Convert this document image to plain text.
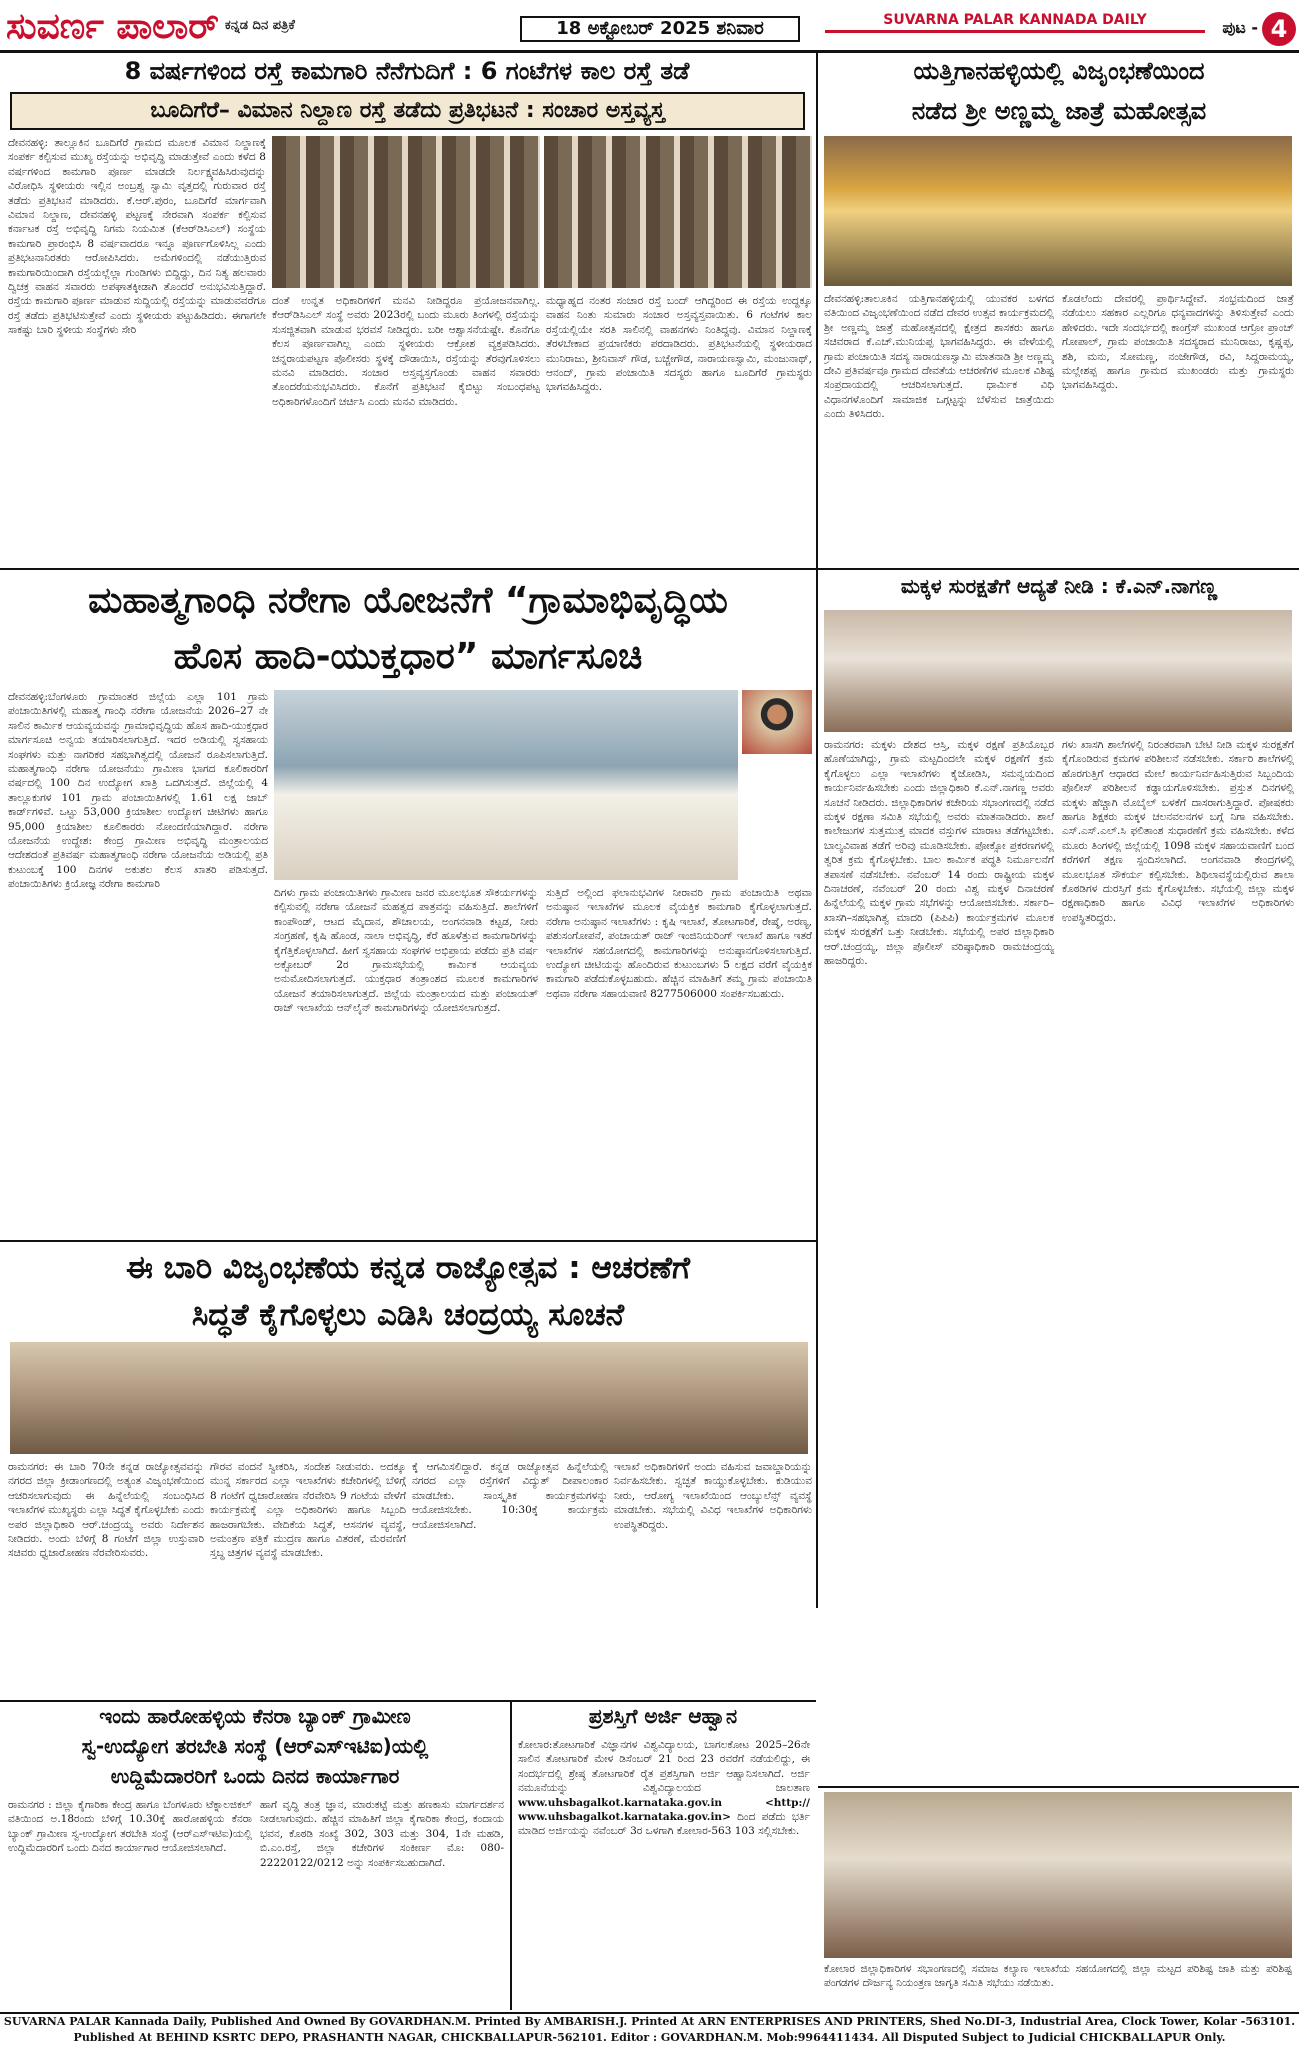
ಸುವರ್ಣ ಪಾಲಾರ್ $^{ಕನ್ನಡ ದಿನ ಪತ್ರಿಕೆ}$	18 ಅಕ್ಟೋಬರ್ 2025 ಶನಿವಾರ	SUVARNA PALAR KANNADA DAILY	ಪುಟ - 4
8 ವರ್ಷಗಳಿಂದ ರಸ್ತೆ ಕಾಮಗಾರಿ ನೆನೆಗುದಿಗೆ : 6 ಗಂಟೆಗಳ ಕಾಲ ರಸ್ತೆ ತಡೆ
ಬೂದಿಗೆರೆ– ವಿಮಾನ ನಿಲ್ದಾಣ ರಸ್ತೆ ತಡೆದು ಪ್ರತಿಭಟನೆ : ಸಂಚಾರ ಅಸ್ತವ್ಯಸ್ತ
ದೇವನಹಳ್ಳಿ: ತಾಲ್ಲೂಕಿನ ಬೂದಿಗೆರೆ ಗ್ರಾಮದ ಮೂಲಕ ವಿಮಾನ ನಿಲ್ದಾಣಕ್ಕೆ ಸಂಪರ್ಕ ಕಲ್ಪಿಸುವ ಮುಖ್ಯ ರಸ್ತೆಯನ್ನು ಅಭಿವೃದ್ಧಿ ಮಾಡುತ್ತೇವೆ ಎಂದು ಕಳೆದ 8 ವರ್ಷಗಳಿಂದ ಕಾಮಗಾರಿ ಪೂರ್ಣ ಮಾಡದೇ ನಿರ್ಲಕ್ಷ್ಯವಹಿಸಿರುವುದನ್ನು ವಿರೋಧಿಸಿ ಸ್ಥಳೀಯರು ಇಲ್ಲಿನ ಅಂಬ್ರಶ್ವ ಸ್ವಾಮಿ ವೃತ್ತದಲ್ಲಿ ಗುರುವಾರ ರಸ್ತೆ ತಡೆದು ಪ್ರತಿಭಟನೆ ಮಾಡಿದರು. ಕೆ.ಆರ್.ಪುರಂ, ಬೂದಿಗೆರೆ ಮಾರ್ಗವಾಗಿ ವಿಮಾನ ನಿಲ್ದಾಣ, ದೇವನಹಳ್ಳಿ ಪಟ್ಟಣಕ್ಕೆ ನೇರವಾಗಿ ಸಂಪರ್ಕ ಕಲ್ಪಿಸುವ ಕರ್ನಾಟಕ ರಸ್ತೆ ಅಭಿವೃದ್ಧಿ ನಿಗಮ ನಿಯಮಿತ (ಕೆಆರ್‌ಡಿಸಿಎಲ್) ಸಂಸ್ಥೆಯ ಕಾಮಗಾರಿ ಪ್ರಾರಂಭಿಸಿ 8 ವರ್ಷವಾದರೂ ಇನ್ನೂ ಪೂರ್ಣಗೊಳಿಸಿಲ್ಲ ಎಂದು ಪ್ರತಿಭಟನಾನಿರತರು ಆರೋಪಿಸಿದರು. ಅಮೆಗಳಿಂದಲ್ಲಿ ನಡೆಯುತ್ತಿರುವ ಕಾಮಗಾರಿಯಿಂದಾಗಿ ರಸ್ತೆಯಲ್ಲೆಲ್ಲಾ ಗುಂಡಿಗಳು ಬಿದ್ದಿದ್ದು, ದಿನ ನಿತ್ಯ ಹಲವಾರು ದ್ವಿಚಕ್ರ ವಾಹನ ಸವಾರರು ಅಪಘಾತಕ್ಕೀಡಾಗಿ ತೊಂದರೆ ಅನುಭವಿಸುತ್ತಿದ್ದಾರೆ. ರಸ್ತೆಯ ಕಾಮಗಾರಿ ಪೂರ್ಣ ಮಾಡುವ ಸುದ್ದಿಯಲ್ಲಿ ರಸ್ತೆಯನ್ನು ಮಾಡುವವರೆಗೂ ರಸ್ತೆ ತಡೆದು ಪ್ರತಿಭಟಿಸುತ್ತೇವೆ ಎಂದು ಸ್ಥಳೀಯರು ಪಟ್ಟುಹಿಡಿದರು. ಈಗಾಗಲೇ ಸಾಕಷ್ಟು ಬಾರಿ ಸ್ಥಳೀಯ ಸಂಸ್ಥೆಗಳು ಸೇರಿ
ದಂತೆ ಉನ್ನತ ಅಧಿಕಾರಿಗಳಿಗೆ ಮನವಿ ನೀಡಿದ್ದರೂ ಪ್ರಯೋಜನವಾಗಿಲ್ಲ. ಕೆಆರ್‌ಡಿಸಿಎಲ್ ಸಂಸ್ಥೆ ಅವರು 2023ರಲ್ಲಿ ಬಂದು ಮೂರು ತಿಂಗಳಲ್ಲಿ ರಸ್ತೆಯನ್ನು ಸುಸಜ್ಜಿತವಾಗಿ ಮಾಡುವ ಭರವಸೆ ನೀಡಿದ್ದರು. ಬರೀ ಆಶ್ವಾಸನೆಯಷ್ಟೇ. ಕೊನೆಗೂ ಕೆಲಸ ಪೂರ್ಣವಾಗಿಲ್ಲ ಎಂದು ಸ್ಥಳೀಯರು ಆಕ್ರೋಶ ವ್ಯಕ್ತಪಡಿಸಿದರು. ಚನ್ನರಾಯಪಟ್ಟಣ ಪೊಲೀಸರು ಸ್ಥಳಕ್ಕೆ ದೌಡಾಯಿಸಿ, ರಸ್ತೆಯನ್ನು ತೆರವುಗೊಳಿಸಲು ಮನವಿ ಮಾಡಿದರು. ಸಂಚಾರ ಅಸ್ತವ್ಯಸ್ತಗೊಂಡು ವಾಹನ ಸವಾರರು ತೊಂದರೆಯನುಭವಿಸಿದರು. ಕೊನೆಗೆ ಪ್ರತಿಭಟನೆ ಕೈಬಿಟ್ಟು ಸಂಬಂಧಪಟ್ಟ ಅಧಿಕಾರಿಗಳೊಂದಿಗೆ ಚರ್ಚಿಸಿ ಎಂದು ಮನವಿ ಮಾಡಿದರು.
ಮಧ್ಯಾಹ್ನದ ನಂತರ ಸಂಚಾರ ರಸ್ತೆ ಬಂದ್ ಆಗಿದ್ದರಿಂದ ಈ ರಸ್ತೆಯ ಉದ್ದಕ್ಕೂ ವಾಹನ ನಿಂತು ಸುಮಾರು ಸಂಚಾರ ಅಸ್ತವ್ಯಸ್ತವಾಯಿತು. 6 ಗಂಟೆಗಳ ಕಾಲ ರಸ್ತೆಯಲ್ಲಿಯೇ ಸರತಿ ಸಾಲಿನಲ್ಲಿ ವಾಹನಗಳು ನಿಂತಿದ್ದವು. ವಿಮಾನ ನಿಲ್ದಾಣಕ್ಕೆ ತೆರಳಬೇಕಾದ ಪ್ರಯಾಣಿಕರು ಪರದಾಡಿದರು. ಪ್ರತಿಭಟನೆಯಲ್ಲಿ ಸ್ಥಳೀಯರಾದ ಮುನಿರಾಜು, ಶ್ರೀನಿವಾಸ್ ಗೌಡ, ಬಚ್ಚೇಗೌಡ, ನಾರಾಯಣಸ್ವಾಮಿ, ಮಂಜುನಾಥ್, ಆನಂದ್, ಗ್ರಾಮ ಪಂಚಾಯಿತಿ ಸದಸ್ಯರು ಹಾಗೂ ಬೂದಿಗೆರೆ ಗ್ರಾಮಸ್ಥರು ಭಾಗವಹಿಸಿದ್ದರು.
ಯತ್ತಿಗಾನಹಳ್ಳಿಯಲ್ಲಿ ವಿಜೃಂಭಣೆಯಿಂದ
ನಡೆದ ಶ್ರೀ ಅಣ್ಣಮ್ಮ ಜಾತ್ರೆ ಮಹೋತ್ಸವ
ದೇವನಹಳ್ಳಿ:ತಾಲೂಕಿನ ಯತ್ತಿಗಾನಹಳ್ಳಿಯಲ್ಲಿ ಯುವಕರ ಬಳಗದ ವತಿಯಿಂದ ವಿಜೃಂಭಣೆಯಿಂದ ನಡೆದ ದೇವರ ಉತ್ಸವ ಕಾರ್ಯಕ್ರಮದಲ್ಲಿ ಶ್ರೀ ಅಣ್ಣಮ್ಮ ಜಾತ್ರೆ ಮಹೋತ್ಸವದಲ್ಲಿ ಕ್ಷೇತ್ರದ ಶಾಸಕರು ಹಾಗೂ ಸಚಿವರಾದ ಕೆ.ಎಚ್.ಮುನಿಯಪ್ಪ ಭಾಗವಹಿಸಿದ್ದರು. ಈ ವೇಳೆಯಲ್ಲಿ ಗ್ರಾಮ ಪಂಚಾಯಿತಿ ಸದಸ್ಯ ನಾರಾಯಣಸ್ವಾಮಿ ಮಾತನಾಡಿ ಶ್ರೀ ಅಣ್ಣಮ್ಮ ದೇವಿ ಪ್ರತಿವರ್ಷವೂ ಗ್ರಾಮದ ದೇವತೆಯ ಆಚರಣೆಗಳ ಮೂಲಕ ವಿಶಿಷ್ಟ ಸಂಪ್ರದಾಯದಲ್ಲಿ ಆಚರಿಸಲಾಗುತ್ತದೆ. ಧಾರ್ಮಿಕ ವಿಧಿ ವಿಧಾನಗಳೊಂದಿಗೆ ಸಾಮಾಜಿಕ ಒಗ್ಗಟ್ಟನ್ನು ಬೆಳೆಸುವ ಜಾತ್ರೆಯಿದು ಎಂದು ತಿಳಿಸಿದರು.
ಕೊಡಲೆಂದು ದೇವರಲ್ಲಿ ಪ್ರಾರ್ಥಿಸಿದ್ದೇವೆ. ಸಂಭ್ರಮದಿಂದ ಜಾತ್ರೆ ನಡೆಯಲು ಸಹಕಾರ ಎಲ್ಲರಿಗೂ ಧನ್ಯವಾದಗಳನ್ನು ತಿಳಿಸುತ್ತೇವೆ ಎಂದು ಹೇಳಿದರು. ಇದೇ ಸಂದರ್ಭದಲ್ಲಿ ಕಾಂಗ್ರೆಸ್ ಮುಖಂಡ ಆಗ್ರೋ ಪ್ರಾಂಚ್ ಗೋಪಾಲ್, ಗ್ರಾಮ ಪಂಚಾಯಿತಿ ಸದಸ್ಯರಾದ ಮುನಿರಾಜು, ಕೃಷ್ಣಪ್ಪ, ಶಶಿ, ಮನು, ಸೋಮಣ್ಣ, ನಂಜೇಗೌಡ, ರವಿ, ಸಿದ್ದರಾಮಯ್ಯ, ಮಲ್ಲೇಶಪ್ಪ ಹಾಗೂ ಗ್ರಾಮದ ಮುಖಂಡರು ಮತ್ತು ಗ್ರಾಮಸ್ಥರು ಭಾಗವಹಿಸಿದ್ದರು.
ಮಹಾತ್ಮಗಾಂಧಿ ನರೇಗಾ ಯೋಜನೆಗೆ “ಗ್ರಾಮಾಭಿವೃದ್ಧಿಯ
ಹೊಸ ಹಾದಿ-ಯುಕ್ತಧಾರ” ಮಾರ್ಗಸೂಚಿ
ದೇವನಹಳ್ಳಿ:ಬೆಂಗಳೂರು ಗ್ರಾಮಾಂತರ ಜಿಲ್ಲೆಯ ಎಲ್ಲಾ 101 ಗ್ರಾಮ ಪಂಚಾಯಿತಿಗಳಲ್ಲಿ ಮಹಾತ್ಮ ಗಾಂಧಿ ನರೇಗಾ ಯೋಜನೆಯ 2026–27 ನೇ ಸಾಲಿನ ಕಾರ್ಮಿಕ ಆಯವ್ಯಯವನ್ನು ಗ್ರಾಮಾಭಿವೃದ್ಧಿಯ ಹೊಸ ಹಾದಿ-ಯುಕ್ತಧಾರ ಮಾರ್ಗಸೂಚಿ ಅನ್ವಯ ತಯಾರಿಸಲಾಗುತ್ತಿದೆ. ಇದರ ಅಡಿಯಲ್ಲಿ ಸ್ವಸಹಾಯ ಸಂಘಗಳು ಮತ್ತು ನಾಗರಿಕರ ಸಹಭಾಗಿತ್ವದಲ್ಲಿ ಯೋಜನೆ ರೂಪಿಸಲಾಗುತ್ತಿದೆ. ಮಹಾತ್ಮಗಾಂಧಿ ನರೇಗಾ ಯೋಜನೆಯು ಗ್ರಾಮೀಣ ಭಾಗದ ಕೂಲಿಕಾರರಿಗೆ ವರ್ಷದಲ್ಲಿ 100 ದಿನ ಉದ್ಯೋಗ ಖಾತ್ರಿ ಒದಗಿಸುತ್ತದೆ. ಜಿಲ್ಲೆಯಲ್ಲಿ 4 ತಾಲ್ಲೂಕುಗಳ 101 ಗ್ರಾಮ ಪಂಚಾಯಿತಿಗಳಲ್ಲಿ 1.61 ಲಕ್ಷ ಜಾಬ್ ಕಾರ್ಡ್‌ಗಳಿವೆ. ಒಟ್ಟು 53,000 ಕ್ರಿಯಾಶೀಲ ಉದ್ಯೋಗ ಚೀಟಿಗಳು ಹಾಗೂ 95,000 ಕ್ರಿಯಾಶೀಲ ಕೂಲಿಕಾರರು ನೋಂದಣಿಯಾಗಿದ್ದಾರೆ. ನರೇಗಾ ಯೋಜನೆಯ ಉದ್ದೇಶ: ಕೇಂದ್ರ ಗ್ರಾಮೀಣ ಅಭಿವೃದ್ಧಿ ಮಂತ್ರಾಲಯದ ಆದೇಶದಂತೆ ಪ್ರತಿವರ್ಷ ಮಹಾತ್ಮಗಾಂಧಿ ನರೇಗಾ ಯೋಜನೆಯ ಅಡಿಯಲ್ಲಿ ಪ್ರತಿ ಕುಟುಂಬಕ್ಕೆ 100 ದಿನಗಳ ಅಕುಶಲ ಕೆಲಸ ಖಾತರಿ ಪಡಿಸುತ್ತದೆ. ಪಂಚಾಯಿತಿಗಳು ಕ್ರಿಯೋಜ್ಞ ನರೇಗಾ ಕಾಮಗಾರಿ
ದಿಗಳು ಗ್ರಾಮ ಪಂಚಾಯಿತಿಗಳು ಗ್ರಾಮೀಣ ಜನರ ಮೂಲಭೂತ ಸೌಕರ್ಯಗಳನ್ನು ಕಲ್ಪಿಸುವಲ್ಲಿ ನರೇಗಾ ಯೋಜನೆ ಮಹತ್ವದ ಪಾತ್ರವನ್ನು ವಹಿಸುತ್ತಿದೆ. ಶಾಲೆಗಳಿಗೆ ಕಾಂಪೌಂಡ್, ಆಟದ ಮೈದಾನ, ಶೌಚಾಲಯ, ಅಂಗನವಾಡಿ ಕಟ್ಟಡ, ನೀರು ಸಂಗ್ರಹಣೆ, ಕೃಷಿ ಹೊಂಡ, ನಾಲಾ ಅಭಿವೃದ್ಧಿ, ಕೆರೆ ಹೂಳೆತ್ತುವ ಕಾಮಗಾರಿಗಳನ್ನು ಕೈಗೆತ್ತಿಕೊಳ್ಳಲಾಗಿದೆ. ಹೀಗೆ ಸ್ವಸಹಾಯ ಸಂಘಗಳ ಅಭಿಪ್ರಾಯ ಪಡೆದು ಪ್ರತಿ ವರ್ಷ ಅಕ್ಟೋಬರ್ 2ರ ಗ್ರಾಮಸಭೆಯಲ್ಲಿ ಕಾರ್ಮಿಕ ಆಯವ್ಯಯ ಅನುಮೋದಿಸಲಾಗುತ್ತದೆ. ಯುಕ್ತಧಾರ ತಂತ್ರಾಂಶದ ಮೂಲಕ ಕಾಮಗಾರಿಗಳ ಯೋಜನೆ ತಯಾರಿಸಲಾಗುತ್ತದೆ. ಜಿಲ್ಲೆಯ ಮಂತ್ರಾಲಯದ ಮತ್ತು ಪಂಚಾಯತ್ ರಾಜ್ ಇಲಾಖೆಯ ಆನ್‌ಲೈನ್ ಕಾಮಗಾರಿಗಳನ್ನು ಯೋಜಿಸಲಾಗುತ್ತದೆ.
ಸುತ್ತಿದೆ ಅಲ್ಲಿಂದ ಫಲಾನುಭವಿಗಳ ನೀರಾವರಿ ಗ್ರಾಮ ಪಂಚಾಯಿತಿ ಅಥವಾ ಅನುಷ್ಠಾನ ಇಲಾಖೆಗಳ ಮೂಲಕ ವೈಯಕ್ತಿಕ ಕಾಮಗಾರಿ ಕೈಗೊಳ್ಳಲಾಗುತ್ತದೆ. ನರೇಗಾ ಅನುಷ್ಠಾನ ಇಲಾಖೆಗಳು : ಕೃಷಿ ಇಲಾಖೆ, ತೋಟಗಾರಿಕೆ, ರೇಷ್ಮೆ, ಅರಣ್ಯ, ಪಶುಸಂಗೋಪನೆ, ಪಂಚಾಯತ್ ರಾಜ್ ಇಂಜಿನಿಯರಿಂಗ್ ಇಲಾಖೆ ಹಾಗೂ ಇತರೆ ಇಲಾಖೆಗಳ ಸಹಯೋಗದಲ್ಲಿ ಕಾಮಗಾರಿಗಳನ್ನು ಅನುಷ್ಠಾನಗೊಳಿಸಲಾಗುತ್ತಿದೆ. ಉದ್ಯೋಗ ಚೀಟಿಯನ್ನು ಹೊಂದಿರುವ ಕುಟುಂಬಗಳು 5 ಲಕ್ಷದ ವರೆಗೆ ವೈಯಕ್ತಿಕ ಕಾಮಗಾರಿ ಪಡೆದುಕೊಳ್ಳಬಹುದು. ಹೆಚ್ಚಿನ ಮಾಹಿತಿಗೆ ತಮ್ಮ ಗ್ರಾಮ ಪಂಚಾಯಿತಿ ಅಥವಾ ನರೇಗಾ ಸಹಾಯವಾಣಿ 8277506000 ಸಂಪರ್ಕಿಸಬಹುದು.
ಮಕ್ಕಳ ಸುರಕ್ಷತೆಗೆ ಆದ್ಯತೆ ನೀಡಿ : ಕೆ.ಎನ್.ನಾಗಣ್ಣ
ರಾಮನಗರ: ಮಕ್ಕಳು ದೇಶದ ಆಸ್ತಿ, ಮಕ್ಕಳ ರಕ್ಷಣೆ ಪ್ರತಿಯೊಬ್ಬರ ಹೊಣೆಯಾಗಿದ್ದು, ಗ್ರಾಮ ಮಟ್ಟದಿಂದಲೇ ಮಕ್ಕಳ ರಕ್ಷಣೆಗೆ ಕ್ರಮ ಕೈಗೊಳ್ಳಲು ಎಲ್ಲಾ ಇಲಾಖೆಗಳು ಕೈಜೋಡಿಸಿ, ಸಮನ್ವಯದಿಂದ ಕಾರ್ಯನಿರ್ವಹಿಸಬೇಕು ಎಂದು ಜಿಲ್ಲಾಧಿಕಾರಿ ಕೆ.ಎನ್.ನಾಗಣ್ಣ ಅವರು ಸೂಚನೆ ನೀಡಿದರು. ಜಿಲ್ಲಾಧಿಕಾರಿಗಳ ಕಚೇರಿಯ ಸಭಾಂಗಣದಲ್ಲಿ ನಡೆದ ಮಕ್ಕಳ ರಕ್ಷಣಾ ಸಮಿತಿ ಸಭೆಯಲ್ಲಿ ಅವರು ಮಾತನಾಡಿದರು. ಶಾಲೆ ಕಾಲೇಜುಗಳ ಸುತ್ತಮುತ್ತ ಮಾದಕ ವಸ್ತುಗಳ ಮಾರಾಟ ತಡೆಗಟ್ಟಬೇಕು. ಬಾಲ್ಯವಿವಾಹ ತಡೆಗೆ ಅರಿವು ಮೂಡಿಸಬೇಕು. ಪೋಕ್ಸೋ ಪ್ರಕರಣಗಳಲ್ಲಿ ತ್ವರಿತ ಕ್ರಮ ಕೈಗೊಳ್ಳಬೇಕು. ಬಾಲ ಕಾರ್ಮಿಕ ಪದ್ಧತಿ ನಿರ್ಮೂಲನೆಗೆ ತಪಾಸಣೆ ನಡೆಸಬೇಕು. ನವೆಂಬರ್ 14 ರಂದು ರಾಷ್ಟ್ರೀಯ ಮಕ್ಕಳ ದಿನಾಚರಣೆ, ನವೆಂಬರ್ 20 ರಂದು ವಿಶ್ವ ಮಕ್ಕಳ ದಿನಾಚರಣೆ ಹಿನ್ನೆಲೆಯಲ್ಲಿ ಮಕ್ಕಳ ಗ್ರಾಮ ಸಭೆಗಳನ್ನು ಆಯೋಜಿಸಬೇಕು. ಸರ್ಕಾರಿ–ಖಾಸಗಿ–ಸಹಭಾಗಿತ್ವ ಮಾದರಿ (ಪಿಪಿಪಿ) ಕಾರ್ಯಕ್ರಮಗಳ ಮೂಲಕ ಮಕ್ಕಳ ಸುರಕ್ಷತೆಗೆ ಒತ್ತು ನೀಡಬೇಕು. ಸಭೆಯಲ್ಲಿ ಅಪರ ಜಿಲ್ಲಾಧಿಕಾರಿ ಆರ್.ಚಂದ್ರಯ್ಯ, ಜಿಲ್ಲಾ ಪೊಲೀಸ್ ವರಿಷ್ಠಾಧಿಕಾರಿ ರಾಮಚಂದ್ರಯ್ಯ ಹಾಜರಿದ್ದರು.
ಗಳು ಖಾಸಗಿ ಶಾಲೆಗಳಲ್ಲಿ ನಿರಂತರವಾಗಿ ಬೇಟಿ ನೀಡಿ ಮಕ್ಕಳ ಸುರಕ್ಷತೆಗೆ ಕೈಗೊಂಡಿರುವ ಕ್ರಮಗಳ ಪರಿಶೀಲನೆ ನಡೆಸಬೇಕು. ಸರ್ಕಾರಿ ಶಾಲೆಗಳಲ್ಲಿ ಹೊರಗುತ್ತಿಗೆ ಆಧಾರದ ಮೇಲೆ ಕಾರ್ಯನಿರ್ವಹಿಸುತ್ತಿರುವ ಸಿಬ್ಬಂದಿಯ ಪೊಲೀಸ್ ಪರಿಶೀಲನೆ ಕಡ್ಡಾಯಗೊಳಿಸಬೇಕು. ಪ್ರಸ್ತುತ ದಿನಗಳಲ್ಲಿ ಮಕ್ಕಳು ಹೆಚ್ಚಾಗಿ ಮೊಬೈಲ್ ಬಳಕೆಗೆ ದಾಸರಾಗುತ್ತಿದ್ದಾರೆ. ಪೋಷಕರು ಹಾಗೂ ಶಿಕ್ಷಕರು ಮಕ್ಕಳ ಚಲನವಲನಗಳ ಬಗ್ಗೆ ನಿಗಾ ವಹಿಸಬೇಕು. ಎಸ್.ಎಸ್.ಎಲ್.ಸಿ ಫಲಿತಾಂಶ ಸುಧಾರಣೆಗೆ ಕ್ರಮ ವಹಿಸಬೇಕು. ಕಳೆದ ಮೂರು ತಿಂಗಳಲ್ಲಿ ಜಿಲ್ಲೆಯಲ್ಲಿ 1098 ಮಕ್ಕಳ ಸಹಾಯವಾಣಿಗೆ ಬಂದ ಕರೆಗಳಿಗೆ ತಕ್ಷಣ ಸ್ಪಂದಿಸಲಾಗಿದೆ. ಅಂಗನವಾಡಿ ಕೇಂದ್ರಗಳಲ್ಲಿ ಮೂಲಭೂತ ಸೌಕರ್ಯ ಕಲ್ಪಿಸಬೇಕು. ಶಿಥಿಲಾವಸ್ಥೆಯಲ್ಲಿರುವ ಶಾಲಾ ಕೊಠಡಿಗಳ ದುರಸ್ತಿಗೆ ಕ್ರಮ ಕೈಗೊಳ್ಳಬೇಕು. ಸಭೆಯಲ್ಲಿ ಜಿಲ್ಲಾ ಮಕ್ಕಳ ರಕ್ಷಣಾಧಿಕಾರಿ ಹಾಗೂ ವಿವಿಧ ಇಲಾಖೆಗಳ ಅಧಿಕಾರಿಗಳು ಉಪಸ್ಥಿತರಿದ್ದರು.
ಈ ಬಾರಿ ವಿಜೃಂಭಣೆಯ ಕನ್ನಡ ರಾಜ್ಯೋತ್ಸವ : ಆಚರಣೆಗೆ
ಸಿದ್ಧತೆ ಕೈಗೊಳ್ಳಲು ಎಡಿಸಿ ಚಂದ್ರಯ್ಯ ಸೂಚನೆ
ರಾಮನಗರ: ಈ ಬಾರಿ 70ನೇ ಕನ್ನಡ ರಾಜ್ಯೋತ್ಸವವನ್ನು ನಗರದ ಜಿಲ್ಲಾ ಕ್ರೀಡಾಂಗಣದಲ್ಲಿ ಅತ್ಯಂತ ವಿಜೃಂಭಣೆಯಿಂದ ಆಚರಿಸಲಾಗುವುದು ಈ ಹಿನ್ನೆಲೆಯಲ್ಲಿ ಸಂಬಂಧಿಸಿದ ಇಲಾಖೆಗಳ ಮುಖ್ಯಸ್ಥರು ಎಲ್ಲಾ ಸಿದ್ಧತೆ ಕೈಗೊಳ್ಳಬೇಕು ಎಂದು ಅಪರ ಜಿಲ್ಲಾಧಿಕಾರಿ ಆರ್.ಚಂದ್ರಯ್ಯ ಅವರು ನಿರ್ದೇಶನ ನೀಡಿದರು. ಅಂದು ಬೆಳಿಗ್ಗೆ 8 ಗಂಟೆಗೆ ಜಿಲ್ಲಾ ಉಸ್ತುವಾರಿ ಸಚಿವರು ಧ್ವಜಾರೋಹಣ ನೆರವೇರಿಸುವರು.
ಗೌರವ ವಂದನೆ ಸ್ವೀಕರಿಸಿ, ಸಂದೇಶ ನೀಡುವರು. ಅದಕ್ಕೂ ಮುನ್ನ ಸರ್ಕಾರದ ಎಲ್ಲಾ ಇಲಾಖೆಗಳು ಕಚೇರಿಗಳಲ್ಲಿ ಬೆಳಿಗ್ಗೆ 8 ಗಂಟೆಗೆ ಧ್ವಜಾರೋಹಣ ನೆರವೇರಿಸಿ 9 ಗಂಟೆಯ ವೇಳೆಗೆ ಕಾರ್ಯಕ್ರಮಕ್ಕೆ ಎಲ್ಲಾ ಅಧಿಕಾರಿಗಳು ಹಾಗೂ ಸಿಬ್ಬಂದಿ ಹಾಜರಾಗಬೇಕು. ವೇದಿಕೆಯ ಸಿದ್ಧತೆ, ಆಸನಗಳ ವ್ಯವಸ್ಥೆ, ಅಮಂತ್ರಣ ಪತ್ರಿಕೆ ಮುದ್ರಣ ಹಾಗೂ ವಿತರಣೆ, ಮೆರವಣಿಗೆ ಸ್ತಬ್ಧ ಚಿತ್ರಗಳ ವ್ಯವಸ್ಥೆ ಮಾಡಬೇಕು.
ಕ್ಕೆ ಆಗಮಿಸಲಿದ್ದಾರೆ. ಕನ್ನಡ ರಾಜ್ಯೋತ್ಸವ ಹಿನ್ನೆಲೆಯಲ್ಲಿ ನಗರದ ಎಲ್ಲಾ ರಸ್ತೆಗಳಿಗೆ ವಿದ್ಯುತ್ ದೀಪಾಲಂಕಾರ ಮಾಡಬೇಕು. ಸಾಂಸ್ಕೃತಿಕ ಕಾರ್ಯಕ್ರಮಗಳನ್ನು ಆಯೋಜಿಸಬೇಕು. 10:30ಕ್ಕೆ ಕಾರ್ಯಕ್ರಮ ಆಯೋಜಿಸಲಾಗಿದೆ.
ಇಲಾಖೆ ಅಧಿಕಾರಿಗಳಿಗೆ ಅಂದು ವಹಿಸುವ ಜವಾಬ್ದಾರಿಯನ್ನು ನಿರ್ವಹಿಸಬೇಕು. ಸ್ವಚ್ಛತೆ ಕಾಯ್ದುಕೊಳ್ಳಬೇಕು. ಕುಡಿಯುವ ನೀರು, ಆರೋಗ್ಯ ಇಲಾಖೆಯಿಂದ ಆಂಬ್ಯುಲೆನ್ಸ್ ವ್ಯವಸ್ಥೆ ಮಾಡಬೇಕು. ಸಭೆಯಲ್ಲಿ ವಿವಿಧ ಇಲಾಖೆಗಳ ಅಧಿಕಾರಿಗಳು ಉಪಸ್ಥಿತರಿದ್ದರು.
ಇಂದು ಹಾರೋಹಳ್ಳಿಯ ಕೆನರಾ ಬ್ಯಾಂಕ್ ಗ್ರಾಮೀಣ
ಸ್ವ-ಉದ್ಯೋಗ ತರಬೇತಿ ಸಂಸ್ಥೆ (ಆರ್‌ಎಸ್‌ಇಟಿಐ)ಯಲ್ಲಿ
ಉದ್ದಿಮೆದಾರರಿಗೆ ಒಂದು ದಿನದ ಕಾರ್ಯಾಗಾರ
ರಾಮನಗರ : ಜಿಲ್ಲಾ ಕೈಗಾರಿಕಾ ಕೇಂದ್ರ ಹಾಗೂ ಬೆಂಗಳೂರು ಟೆಕ್ನಾಲಜಿಕಲ್ ವತಿಯಿಂದ ಅ.18ರಂದು ಬೆಳಿಗ್ಗೆ 10.30ಕ್ಕೆ ಹಾರೋಹಳ್ಳಿಯ ಕೆನರಾ ಬ್ಯಾಂಕ್ ಗ್ರಾಮೀಣ ಸ್ವ-ಉದ್ಯೋಗ ತರಬೇತಿ ಸಂಸ್ಥೆ (ಆರ್‌ಎಸ್‌ಇಟಿಐ)ಯಲ್ಲಿ ಉದ್ದಿಮೆದಾರರಿಗೆ ಒಂದು ದಿನದ ಕಾರ್ಯಾಗಾರ ಆಯೋಜಿಸಲಾಗಿದೆ.
ಹಾಗೆ ವೃದ್ಧಿ ತಂತ್ರ ಜ್ಞಾನ, ಮಾರುಕಟ್ಟೆ ಮತ್ತು ಹಣಕಾಸು ಮಾರ್ಗದರ್ಶನ ನೀಡಲಾಗುವುದು. ಹೆಚ್ಚಿನ ಮಾಹಿತಿಗೆ ಜಿಲ್ಲಾ ಕೈಗಾರಿಕಾ ಕೇಂದ್ರ, ಕಂದಾಯ ಭವನ, ಕೊಠಡಿ ಸಂಖ್ಯೆ 302, 303 ಮತ್ತು 304, 1ನೇ ಮಹಡಿ, ಬಿ.ಎಂ.ರಸ್ತೆ, ಜಿಲ್ಲಾ ಕಚೇರಿಗಳ ಸಂಕೀರ್ಣ ಮೊ: 080-22220122/0212 ಅನ್ನು ಸಂಪರ್ಕಿಸಬಹುದಾಗಿದೆ.
ಪ್ರಶಸ್ತಿಗೆ ಅರ್ಜಿ ಆಹ್ವಾನ
ಕೋಲಾರ:ತೋಟಗಾರಿಕೆ ವಿಜ್ಞಾನಗಳ ವಿಶ್ವವಿದ್ಯಾಲಯ, ಬಾಗಲಕೋಟ 2025–26ನೇ ಸಾಲಿನ ತೋಟಗಾರಿಕೆ ಮೇಳ ಡಿಸೆಂಬರ್ 21 ರಿಂದ 23 ರವರೆಗೆ ನಡೆಯಲಿದ್ದು, ಈ ಸಂದರ್ಭದಲ್ಲಿ ಶ್ರೇಷ್ಠ ತೋಟಗಾರಿಕೆ ರೈತ ಪ್ರಶಸ್ತಿಗಾಗಿ ಅರ್ಜಿ ಆಹ್ವಾನಿಸಲಾಗಿದೆ. ಅರ್ಜಿ ನಮೂನೆಯನ್ನು ವಿಶ್ವವಿದ್ಯಾಲಯದ ಜಾಲತಾಣ www.uhsbagalkot.karnataka.gov.in	<http:// www.uhsbagalkot.karnataka.gov.in> ದಿಂದ ಪಡೆದು ಭರ್ತಿ ಮಾಡಿದ ಅರ್ಜಿಯನ್ನು ನವೆಂಬರ್ 3ರ ಒಳಗಾಗಿ ಕೋಲಾರ-563 103 ಸಲ್ಲಿಸಬೇಕು.
ಕೋಲಾರ ಜಿಲ್ಲಾಧಿಕಾರಿಗಳ ಸಭಾಂಗಣದಲ್ಲಿ ಸಮಾಜ ಕಲ್ಯಾಣ ಇಲಾಖೆಯ ಸಹಯೋಗದಲ್ಲಿ ಜಿಲ್ಲಾ ಮಟ್ಟದ ಪರಿಶಿಷ್ಟ ಜಾತಿ ಮತ್ತು ಪರಿಶಿಷ್ಟ ಪಂಗಡಗಳ ದೌರ್ಜನ್ಯ ನಿಯಂತ್ರಣ ಜಾಗೃತಿ ಸಮಿತಿ ಸಭೆಯು ನಡೆಯಿತು.
SUVARNA PALAR Kannada Daily, Published And Owned By GOVARDHAN.M. Printed By AMBARISH.J. Printed At ARN ENTERPRISES AND PRINTERS, Shed No.DI-3, Industrial Area, Clock Tower, Kolar -563101.
Published At BEHIND KSRTC DEPO, PRASHANTH NAGAR, CHICKBALLAPUR-562101. Editor : GOVARDHAN.M. Mob:9964411434. All Disputed Subject to Judicial CHICKBALLAPUR Only.
